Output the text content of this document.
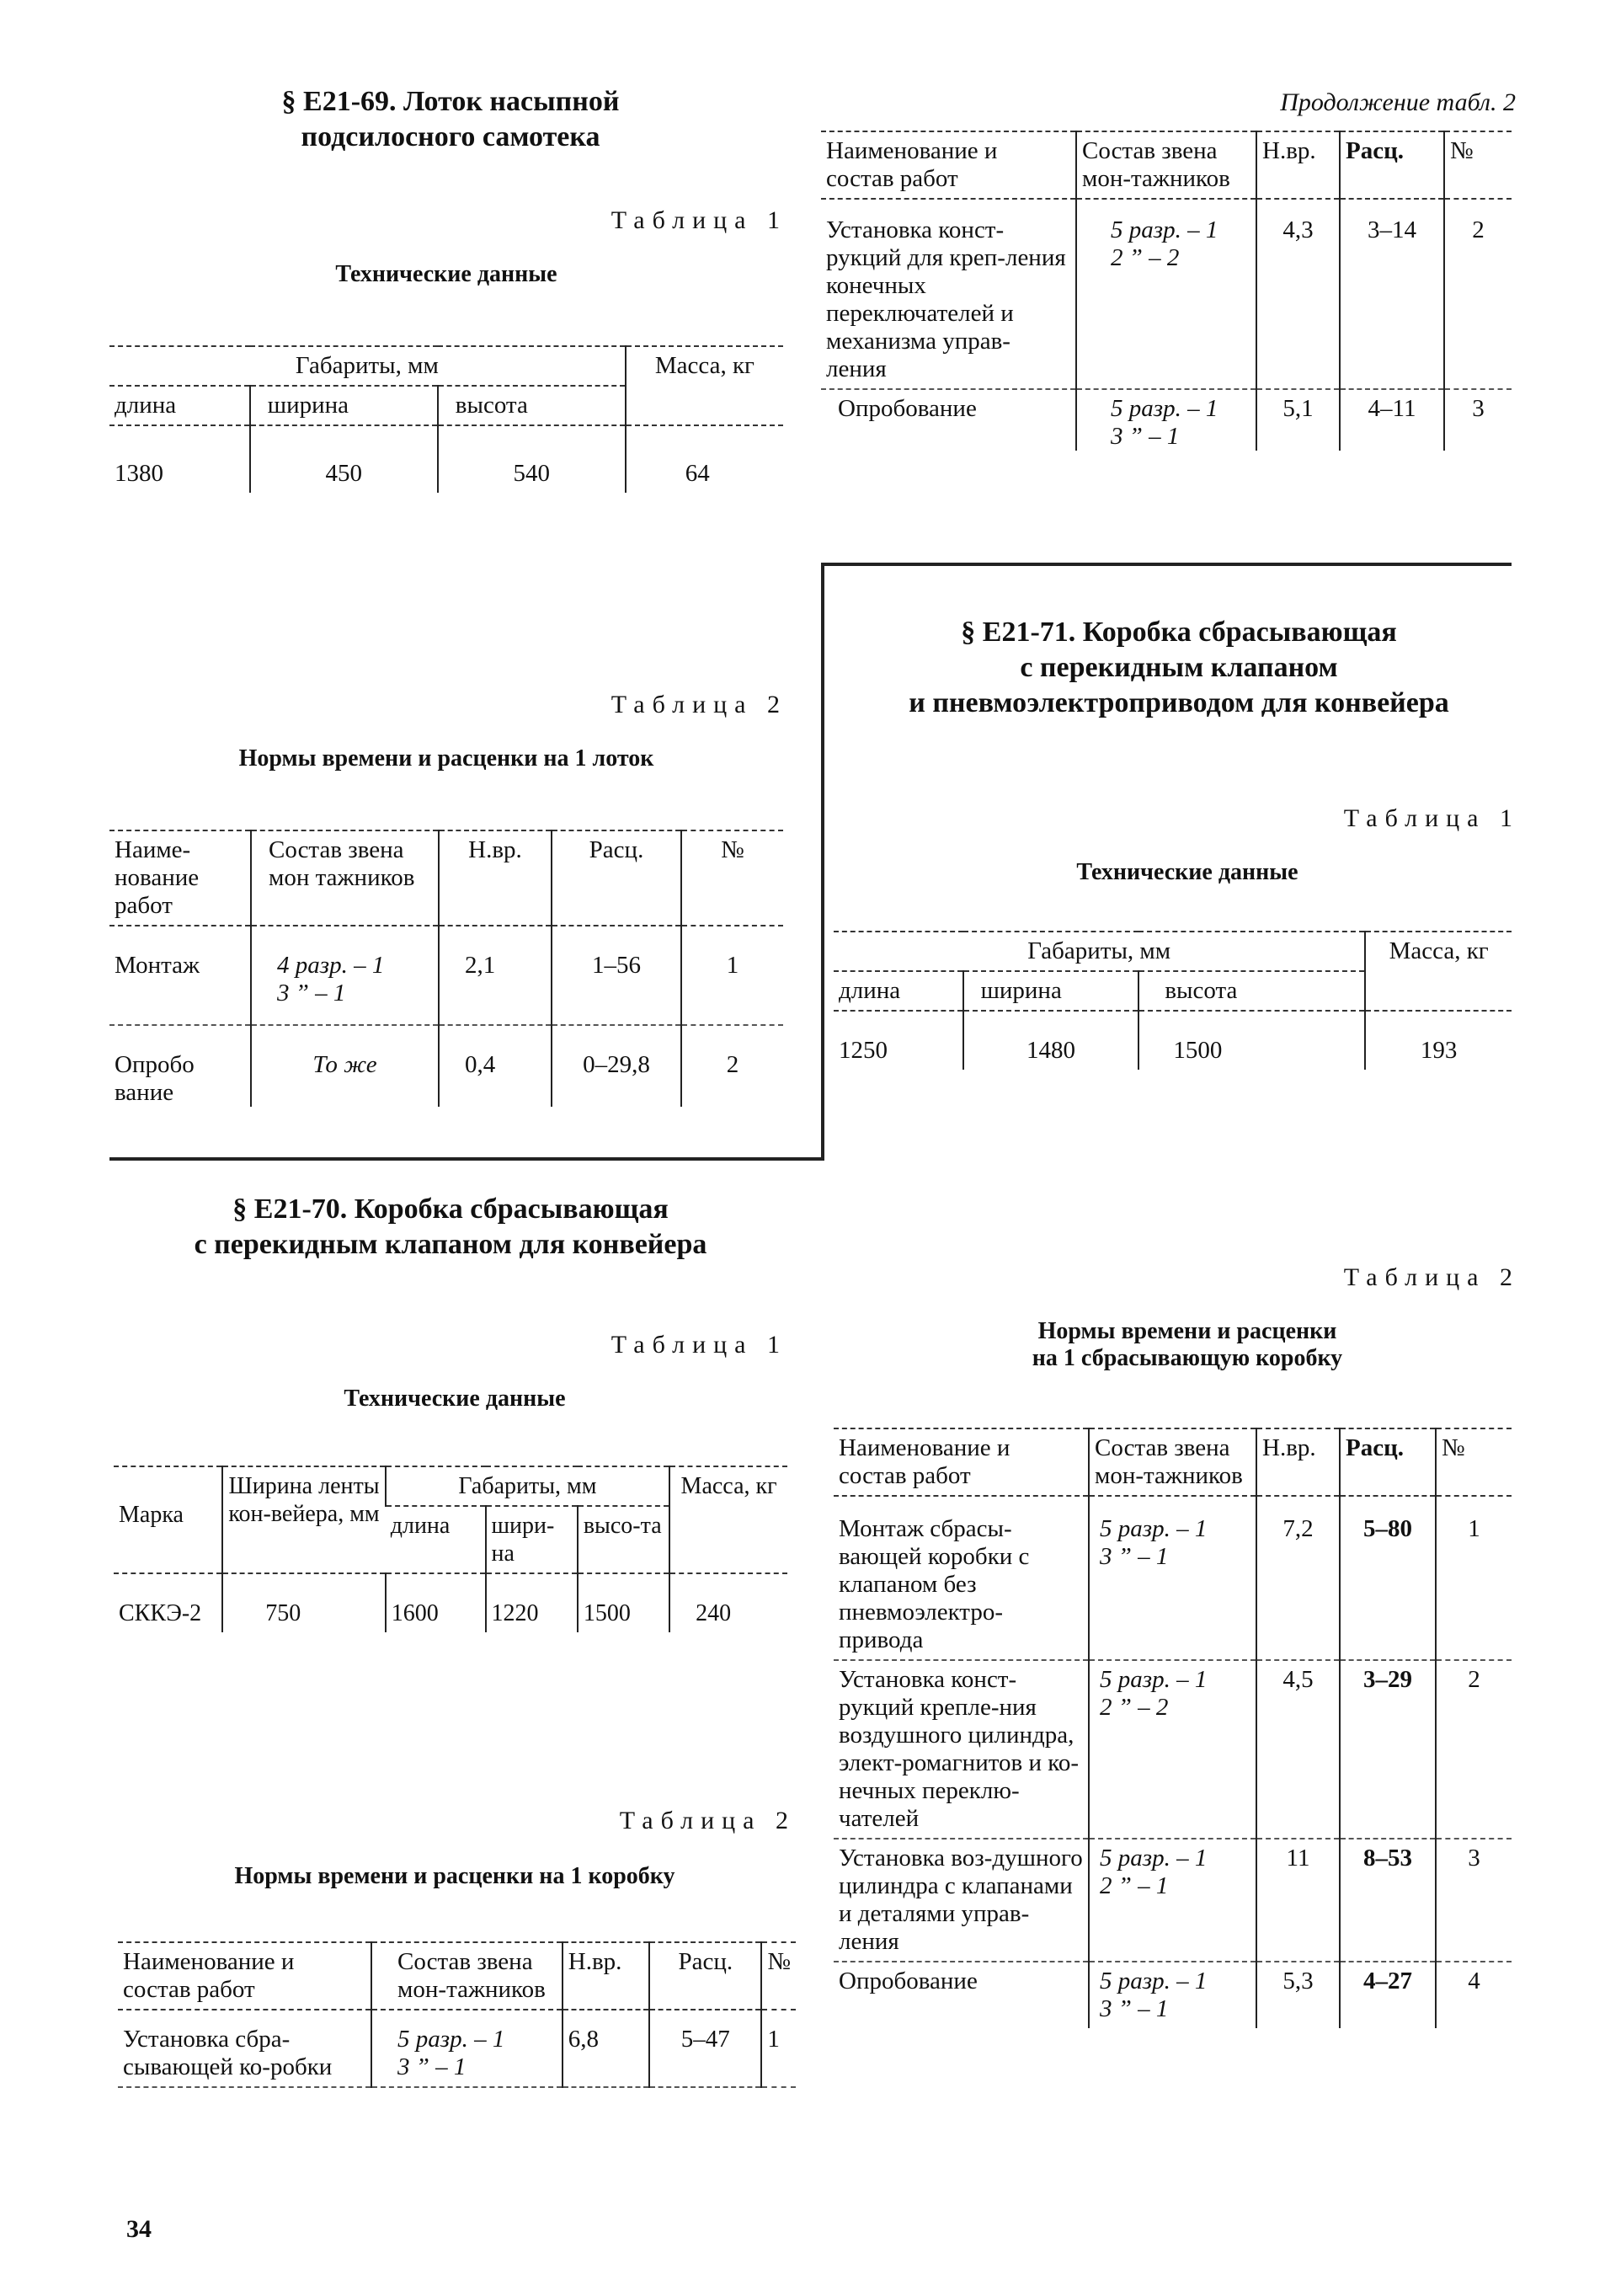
§ Е21-69. Лоток насыпной
подсилосного самотека
Таблица 1
Технические данные
Габариты, мм			Масса, кг
длина	ширина	высота	
1380	450	540	64
Таблица 2
Нормы времени и расценки на 1 лоток
Наиме-нование работ	Состав звена мон тажников	Н.вр.	Расц.	№
Монтаж	4 разр. – 1
3 ” – 1	2,1	1–56	1
Опробо вание	То же	0,4	0–29,8	2
§ Е21-70. Коробка сбрасывающая
с перекидным клапаном для конвейера
Таблица 1
Технические данные
Марка	Ширина ленты кон-вейера, мм	Габариты, мм			Масса, кг
		длина	шири-на	высо-та	
СККЭ-2	750	1600	1220	1500	240
Таблица 2
Нормы времени и расценки на 1 коробку
Наименование и состав работ	Состав звена мон-тажников	Н.вр.	Расц.	№
Установка сбра-сывающей ко-робки	5 разр. – 1
3 ” – 1	6,8	5–47	1
34
Продолжение табл. 2
Наименование и состав работ	Состав звена мон-тажников	Н.вр.	Расц.	№
Установка конст-рукций для креп-ления конечных переключателей и механизма управ-ления	5 разр. – 1
2 ” – 2	4,3	3–14	2
Опробование	5 разр. – 1
3 ” – 1	5,1	4–11	3
§ Е21-71. Коробка сбрасывающая
с перекидным клапаном
и пневмоэлектроприводом для конвейера
Таблица 1
Технические данные
Габариты, мм			Масса, кг
длина	ширина	высота	
1250	1480	1500	193
Таблица 2
Нормы времени и расценки
на 1 сбрасывающую коробку
Наименование и состав работ	Состав звена мон-тажников	Н.вр.	Расц.	№
Монтаж сбрасы-вающей коробки с клапаном без пневмоэлектро-привода	5 разр. – 1
3 ” – 1	7,2	5–80	1
Установка конст-рукций крепле-ния воздушного цилиндра, элект-ромагнитов и ко-нечных переклю-чателей	5 разр. – 1
2 ” – 2	4,5	3–29	2
Установка воз-душного цилиндра с клапанами и деталями управ-ления	5 разр. – 1
2 ” – 1	11	8–53	3
Опробование	5 разр. – 1
3 ” – 1	5,3	4–27	4
